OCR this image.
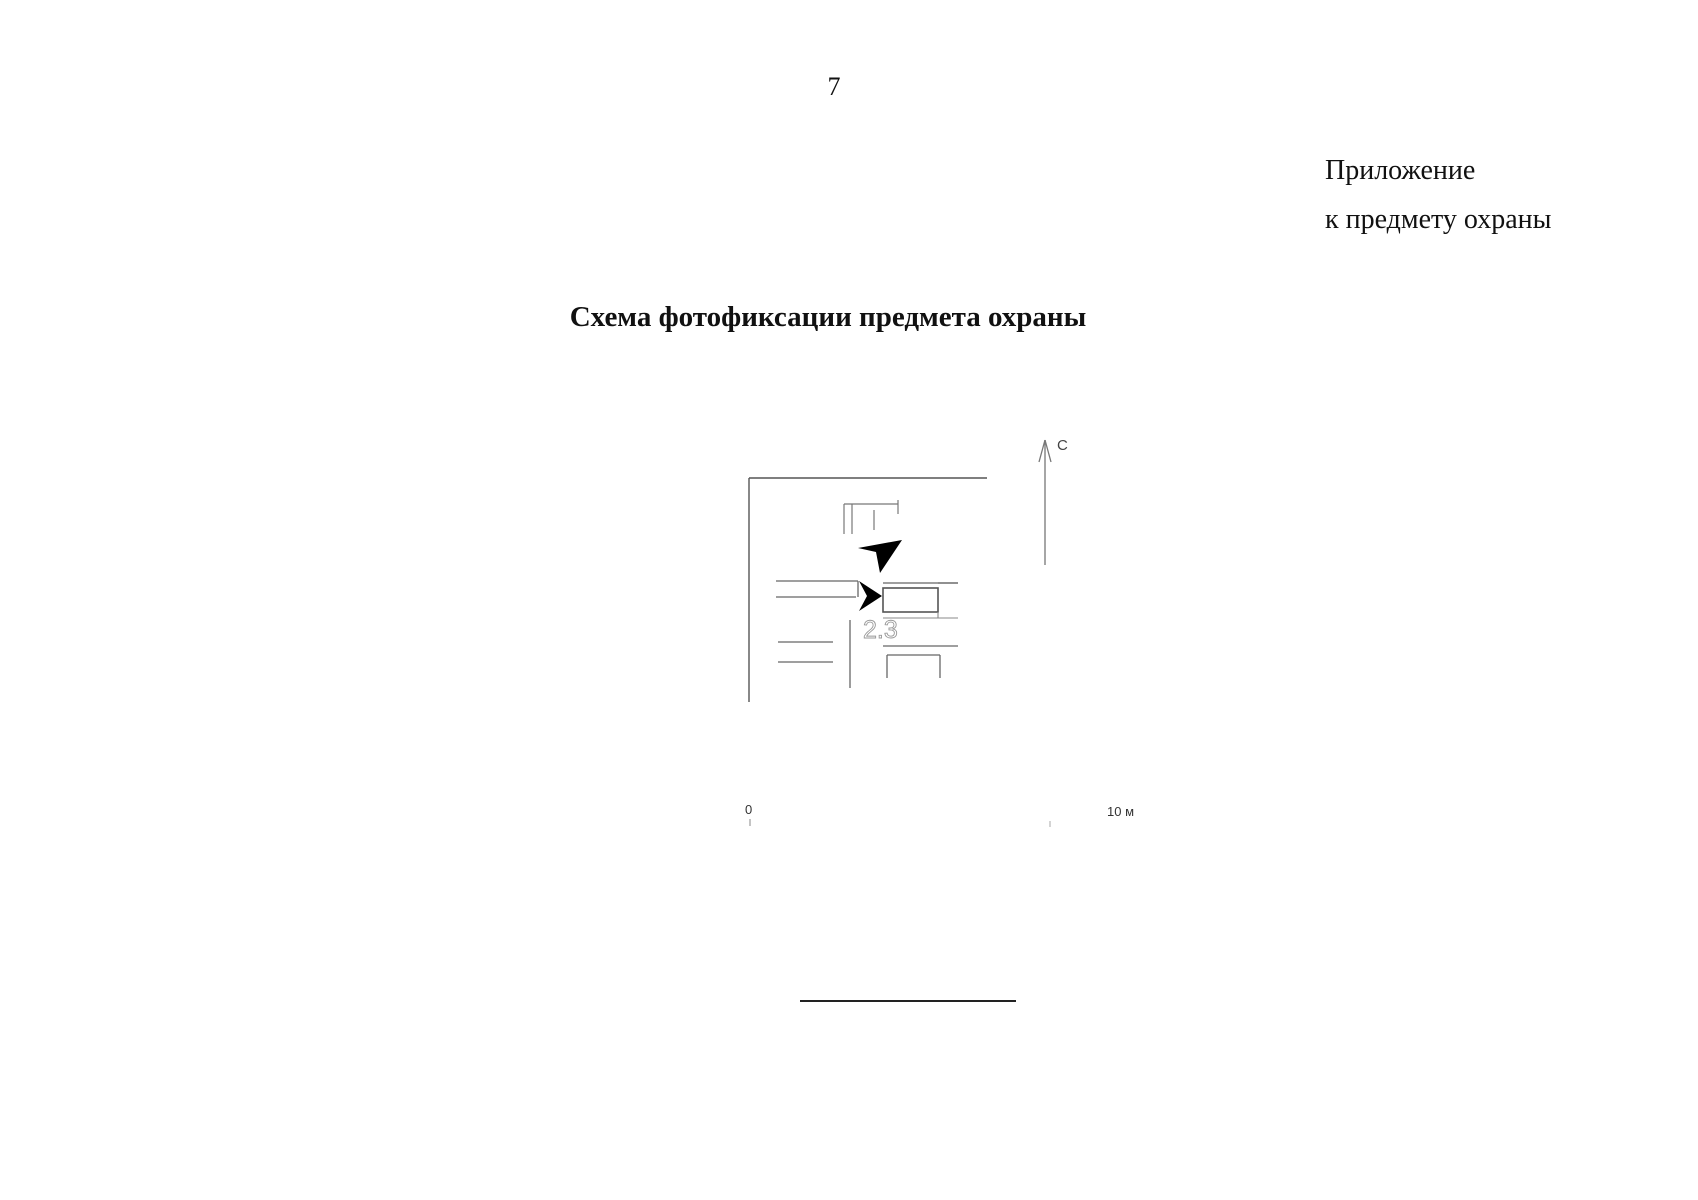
7
Приложение
к предмету охраны
Схема фотофиксации предмета охраны
2.3
С
0	10 м
